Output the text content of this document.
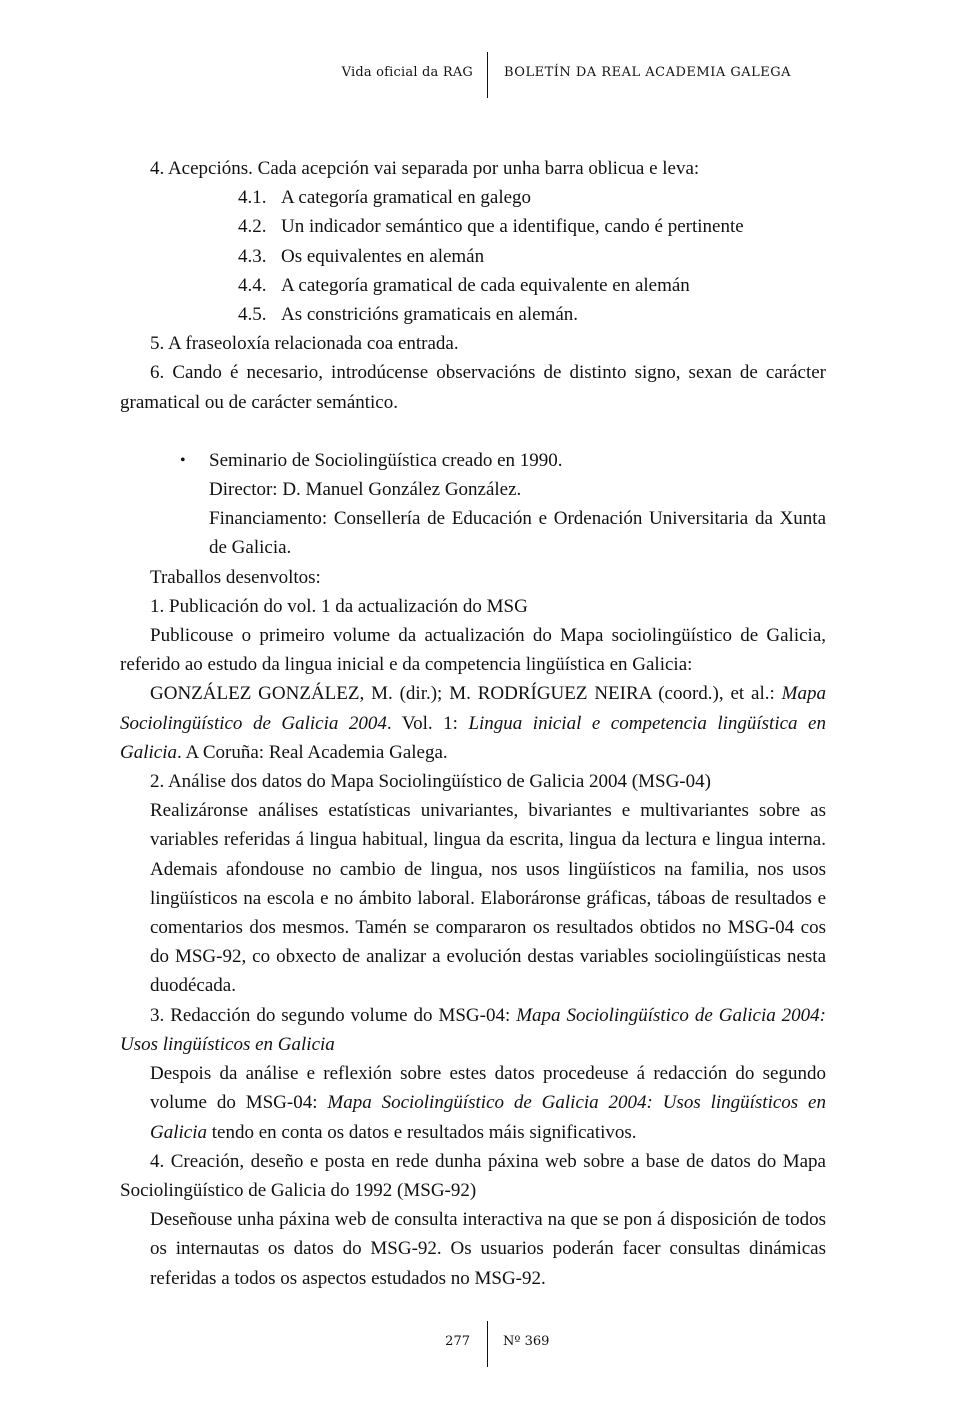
Vida oficial da RAG BOLETÍN DA REAL ACADEMIA GALEGA

4. Acepcións. Cada acepción vai separada por unha barra oblicua e leva:

4.1. A categoría gramatical en galego

4.2. Un indicador semántico que a identifique, cando é pertinente

4.3. Os equivalentes en alemán

4.4. A categoría gramatical de cada equivalente en alemán

4.5. As constricións gramaticais en alemán.

5. A fraseoloxía relacionada coa entrada.

6. Cando é necesario, introdúcense observacións de distinto signo, sexan de carácter gramatical ou de carácter semántico.

• Seminario de Sociolingüística creado en 1990.

Director: D. Manuel González González.

Financiamento: Consellería de Educación e Ordenación Universitaria da Xunta de Galicia.

Traballos desenvoltos:

1. Publicación do vol. 1 da actualización do MSG

Publicouse o primeiro volume da actualización do Mapa sociolingüístico de Galicia, referido ao estudo da lingua inicial e da competencia lingüística en Galicia:

GONZÁLEZ GONZÁLEZ, M. (dir.); M. RODRÍGUEZ NEIRA (coord.), et al.: Mapa Sociolingüístico de Galicia 2004. Vol. 1: Lingua inicial e competencia lingüística en Galicia. A Coruña: Real Academia Galega.

2. Análise dos datos do Mapa Sociolingüístico de Galicia 2004 (MSG-04)

Realizáronse análises estatísticas univariantes, bivariantes e multivariantes sobre as variables referidas á lingua habitual, lingua da escrita, lingua da lectura e lingua interna. Ademais afondouse no cambio de lingua, nos usos lingüísticos na familia, nos usos lingüísticos na escola e no ámbito laboral. Elaboráronse gráficas, táboas de resultados e comentarios dos mesmos. Tamén se compararon os resultados obtidos no MSG-04 cos do MSG-92, co obxecto de analizar a evolución destas variables sociolingüísticas nesta duodécada.

3. Redacción do segundo volume do MSG-04: Mapa Sociolingüístico de Galicia 2004: Usos lingüísticos en Galicia

Despois da análise e reflexión sobre estes datos procedeuse á redacción do segundo volume do MSG-04: Mapa Sociolingüístico de Galicia 2004: Usos lingüísticos en Galicia tendo en conta os datos e resultados máis significativos.

4. Creación, deseño e posta en rede dunha páxina web sobre a base de datos do Mapa Sociolingüístico de Galicia do 1992 (MSG-92)

Deseñouse unha páxina web de consulta interactiva na que se pon á disposición de todos os internautas os datos do MSG-92. Os usuarios poderán facer consultas dinámicas referidas a todos os aspectos estudados no MSG-92.

277	Nº 369
